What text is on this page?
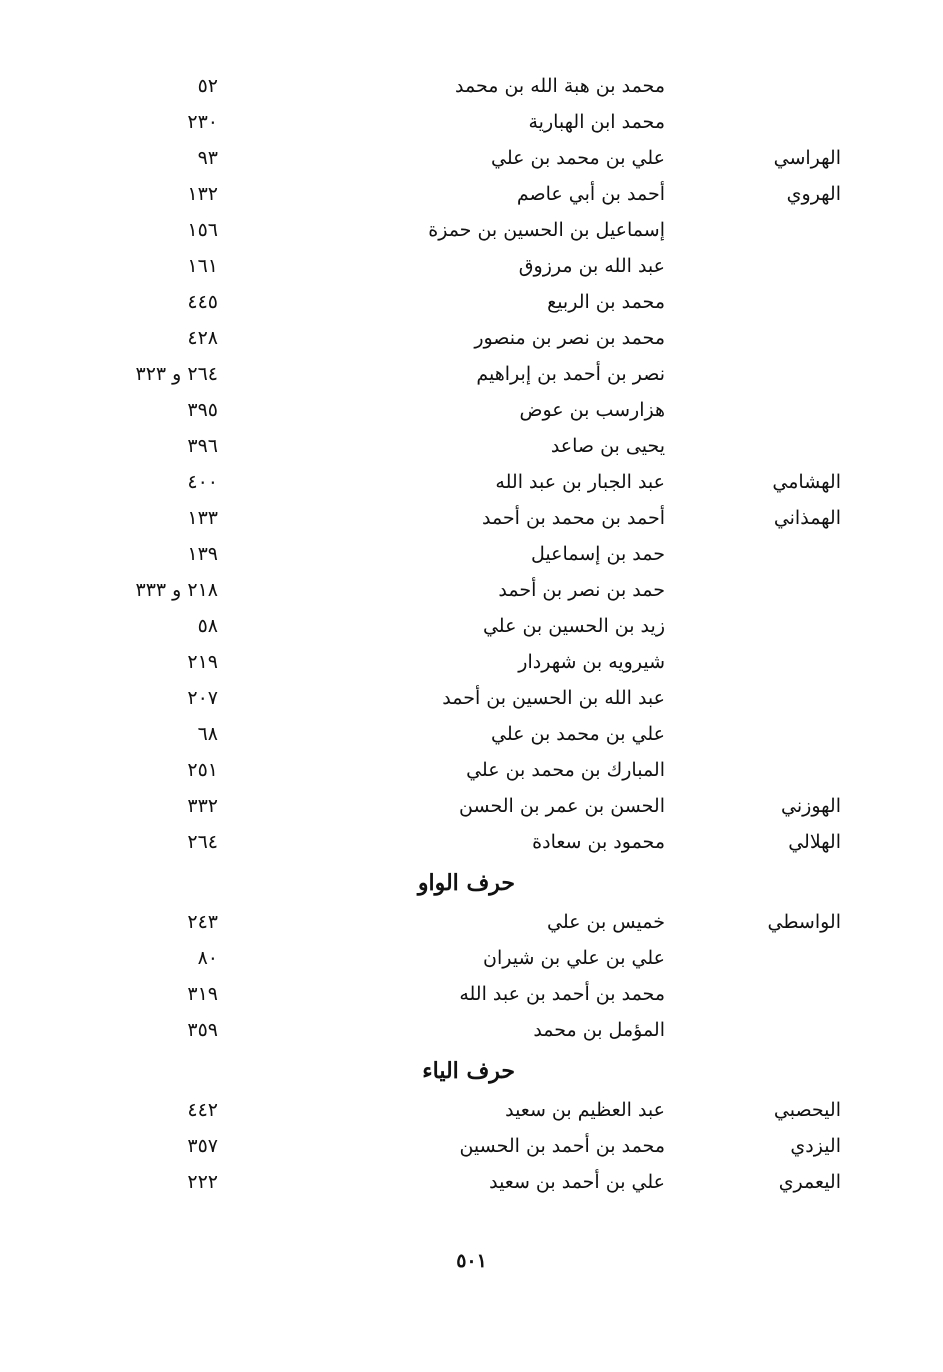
محمد بن هبة الله بن محمد
٥٢
محمد ابن الهبارية
٢٣٠
الهراسي
علي بن محمد بن علي
٩٣
الهروي
أحمد بن أبي عاصم
١٣٢
إسماعيل بن الحسين بن حمزة
١٥٦
عبد الله بن مرزوق
١٦١
محمد بن الربيع
٤٤٥
محمد بن نصر بن منصور
٤٢٨
نصر بن أحمد بن إبراهيم
٢٦٤ و ٣٢٣
هزارسب بن عوض
٣٩٥
يحيى بن صاعد
٣٩٦
الهشامي
عبد الجبار بن عبد الله
٤٠٠
الهمذاني
أحمد بن محمد بن أحمد
١٣٣
حمد بن إسماعيل
١٣٩
حمد بن نصر بن أحمد
٢١٨ و ٣٣٣
زيد بن الحسين بن علي
٥٨
شيرويه بن شهردار
٢١٩
عبد الله بن الحسين بن أحمد
٢٠٧
علي بن محمد بن علي
٦٨
المبارك بن محمد بن علي
٢٥١
الهوزني
الحسن بن عمر بن الحسن
٣٣٢
الهلالي
محمود بن سعادة
٢٦٤
حرف الواو
الواسطي
خميس بن علي
٢٤٣
علي بن علي بن شيران
٨٠
محمد بن أحمد بن عبد الله
٣١٩
المؤمل بن محمد
٣٥٩
حرف الياء
اليحصبي
عبد العظيم بن سعيد
٤٤٢
اليزدي
محمد بن أحمد بن الحسين
٣٥٧
اليعمري
علي بن أحمد بن سعيد
٢٢٢
٥٠١
